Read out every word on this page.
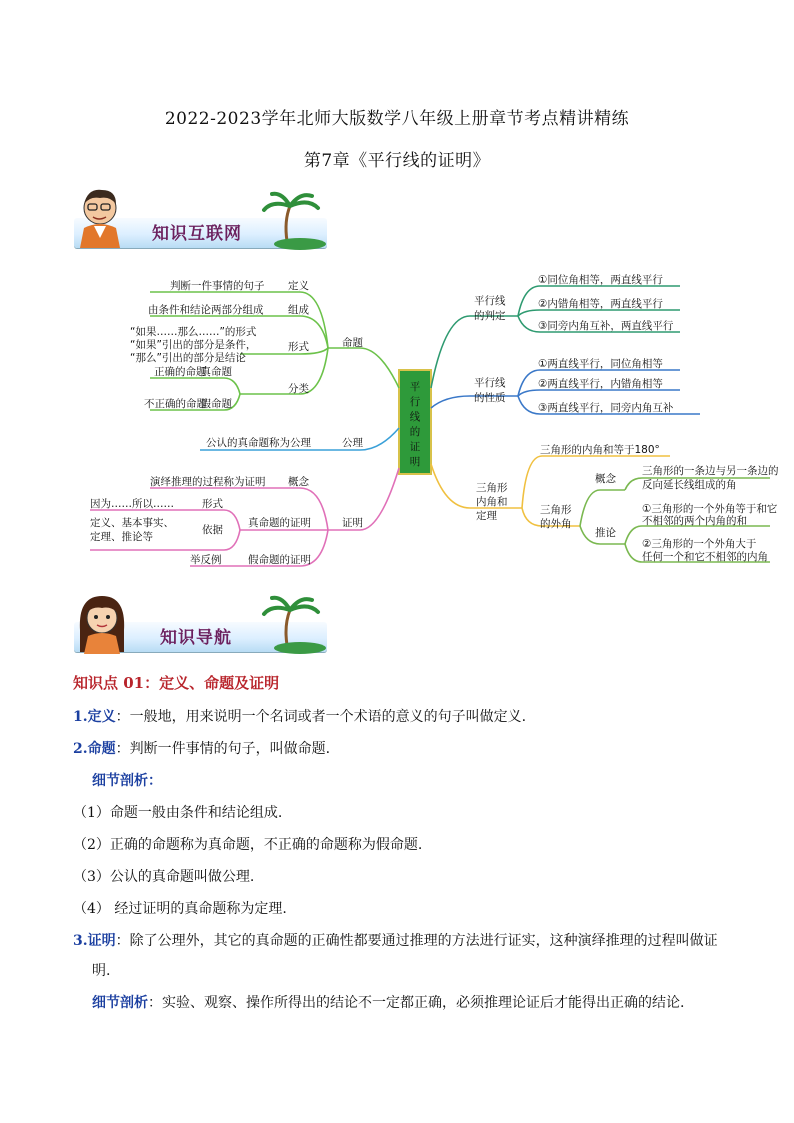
2022-2023学年北师大版数学八年级上册章节考点精讲精练
第7章《平行线的证明》
知识互联网
平
行
线
的
证
明
命题
定义
判断一件事情的句子
组成
由条件和结论两部分组成
形式
“如果……那么……”的形式
“如果”引出的部分是条件，
“那么”引出的部分是结论
分类
真命题
正确的命题
假命题
不正确的命题
公理
公认的真命题称为公理
证明
概念
演绎推理的过程称为证明
真命题的证明
形式
因为……所以……
依据
定义、基本事实、
定理、推论等
假命题的证明
举反例
平行线
的判定
①同位角相等，两直线平行
②内错角相等，两直线平行
③同旁内角互补，两直线平行
平行线
的性质
①两直线平行，同位角相等
②两直线平行，内错角相等
③两直线平行，同旁内角互补
三角形
内角和
定理
三角形的内角和等于180°
三角形
的外角
概念
三角形的一条边与另一条边的
反向延长线组成的角
推论
①三角形的一个外角等于和它
不相邻的两个内角的和
②三角形的一个外角大于
任何一个和它不相邻的内角
知识导航
知识点 01：定义、命题及证明
1.定义：一般地，用来说明一个名词或者一个术语的意义的句子叫做定义.
2.命题：判断一件事情的句子，叫做命题.
细节剖析：
（1）命题一般由条件和结论组成.
（2）正确的命题称为真命题，不正确的命题称为假命题.
（3）公认的真命题叫做公理.
（4） 经过证明的真命题称为定理.
3.证明：除了公理外，其它的真命题的正确性都要通过推理的方法进行证实，这种演绎推理的过程叫做证
明.
细节剖析：实验、观察、操作所得出的结论不一定都正确，必须推理论证后才能得出正确的结论.
